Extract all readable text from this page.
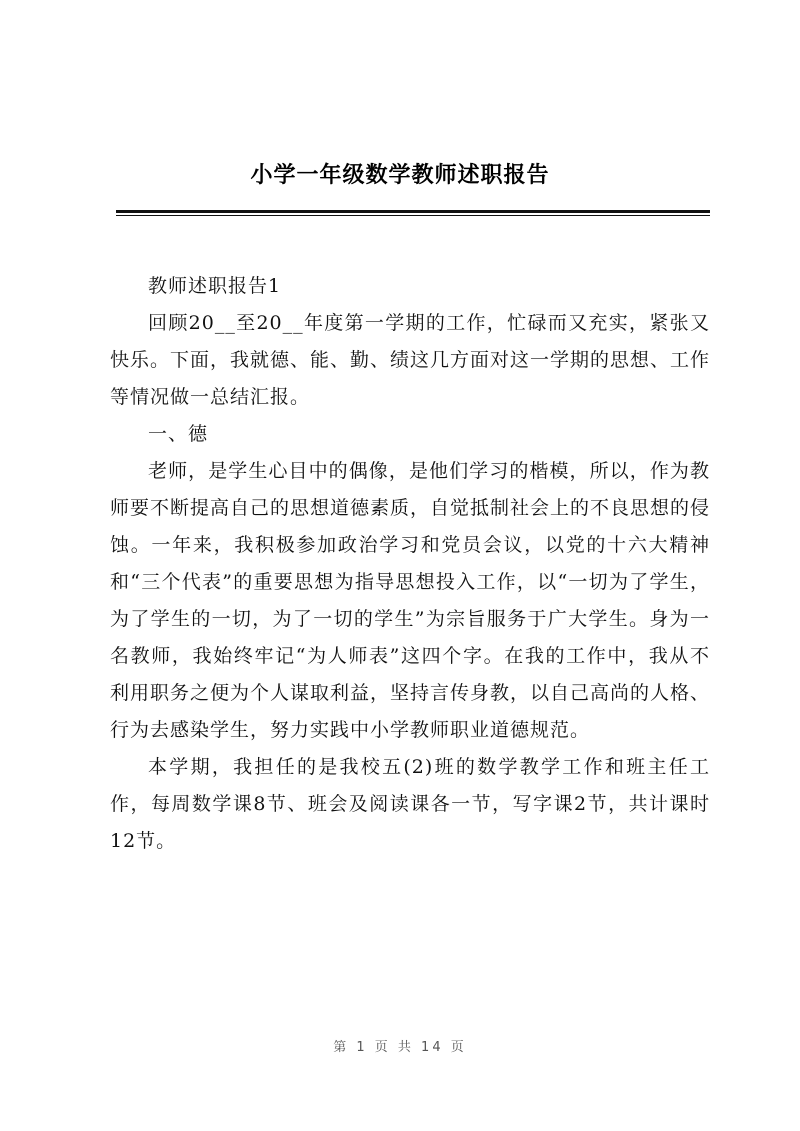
小学一年级数学教师述职报告

教师述职报告1

回顾20__至20__年度第一学期的工作，忙碌而又充实，紧张又快乐。下面，我就德、能、勤、绩这几方面对这一学期的思想、工作等情况做一总结汇报。

一、德

老师，是学生心目中的偶像，是他们学习的楷模，所以，作为教师要不断提高自己的思想道德素质，自觉抵制社会上的不良思想的侵蚀。一年来，我积极参加政治学习和党员会议，以党的十六大精神和“三个代表”的重要思想为指导思想投入工作，以“一切为了学生，为了学生的一切，为了一切的学生”为宗旨服务于广大学生。身为一名教师，我始终牢记“为人师表”这四个字。在我的工作中，我从不利用职务之便为个人谋取利益，坚持言传身教，以自己高尚的人格、行为去感染学生，努力实践中小学教师职业道德规范。

本学期，我担任的是我校五(2)班的数学教学工作和班主任工作，每周数学课8节、班会及阅读课各一节，写字课2节，共计课时12节。

第 1 页 共 14 页
